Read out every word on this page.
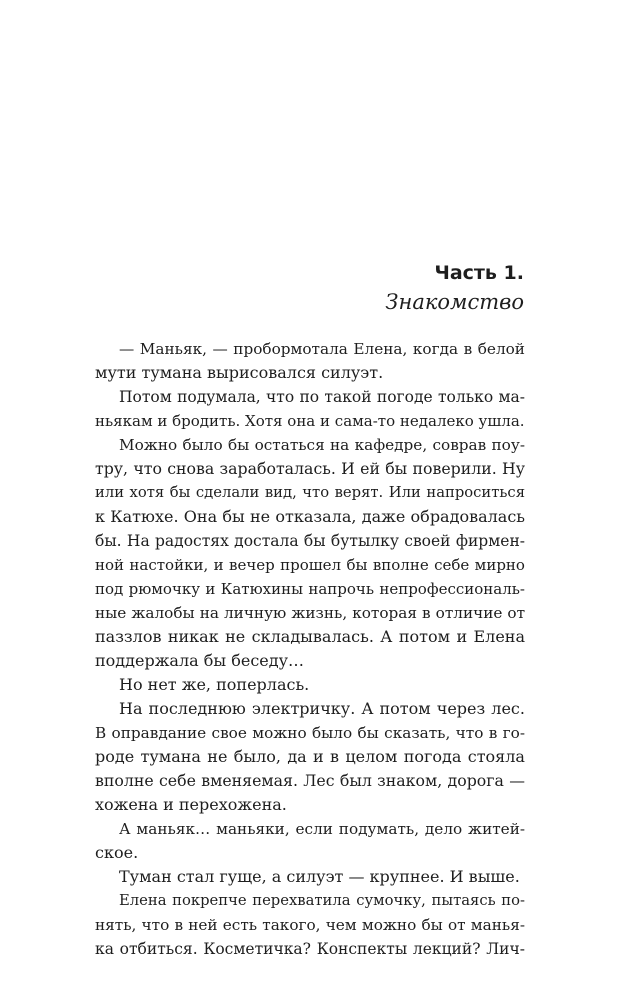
Часть 1.
Знакомство
— Маньяк, — пробормотала Елена, когда в белой
мути тумана вырисовался силуэт.
Потом подумала, что по такой погоде только ма-
ньякам и бродить. Хотя она и сама-то недалеко ушла.
Можно было бы остаться на кафедре, соврав поу-
тру, что снова заработалась. И ей бы поверили. Ну
или хотя бы сделали вид, что верят. Или напроситься
к Катюхе. Она бы не отказала, даже обрадовалась
бы. На радостях достала бы бутылку своей фирмен-
ной настойки, и вечер прошел бы вполне себе мирно
под рюмочку и Катюхины напрочь непрофессиональ-
ные жалобы на личную жизнь, которая в отличие от
паззлов никак не складывалась. А потом и Елена
поддержала бы беседу…
Но нет же, поперлась.
На последнюю электричку. А потом через лес.
В оправдание свое можно было бы сказать, что в го-
роде тумана не было, да и в целом погода стояла
вполне себе вменяемая. Лес был знаком, дорога —
хожена и перехожена.
А маньяк… маньяки, если подумать, дело житей-
ское.
Туман стал гуще, а силуэт — крупнее. И выше.
Елена покрепче перехватила сумочку, пытаясь по-
нять, что в ней есть такого, чем можно бы от манья-
ка отбиться. Косметичка? Конспекты лекций? Лич-
